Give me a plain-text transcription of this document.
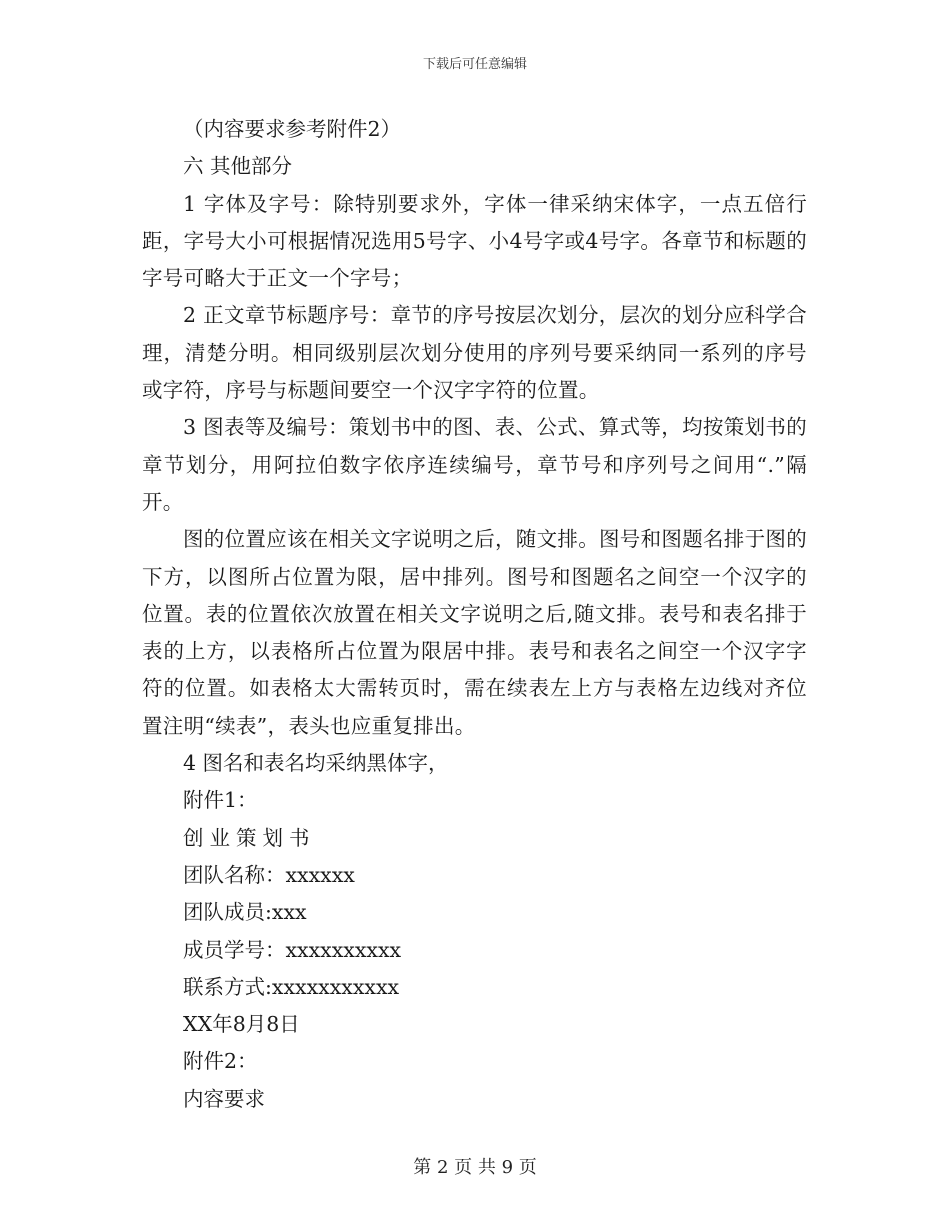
下载后可任意编辑

（内容要求参考附件2）

六 其他部分

1 字体及字号：除特别要求外，字体一律采纳宋体字，一点五倍行距，字号大小可根据情况选用5号字、小4号字或4号字。各章节和标题的字号可略大于正文一个字号；

2 正文章节标题序号：章节的序号按层次划分，层次的划分应科学合理，清楚分明。相同级别层次划分使用的序列号要采纳同一系列的序号或字符，序号与标题间要空一个汉字字符的位置。

3 图表等及编号：策划书中的图、表、公式、算式等，均按策划书的章节划分，用阿拉伯数字依序连续编号，章节号和序列号之间用“.”隔开。

图的位置应该在相关文字说明之后，随文排。图号和图题名排于图的下方，以图所占位置为限，居中排列。图号和图题名之间空一个汉字的位置。表的位置依次放置在相关文字说明之后,随文排。表号和表名排于表的上方，以表格所占位置为限居中排。表号和表名之间空一个汉字字符的位置。如表格太大需转页时，需在续表左上方与表格左边线对齐位置注明“续表”，表头也应重复排出。

4 图名和表名均采纳黑体字，

附件1：

创业策划书

团队名称：xxxxxx

团队成员:xxx

成员学号：xxxxxxxxxx

联系方式:xxxxxxxxxxx

XX年8月8日

附件2：

内容要求

第 2 页 共 9 页
